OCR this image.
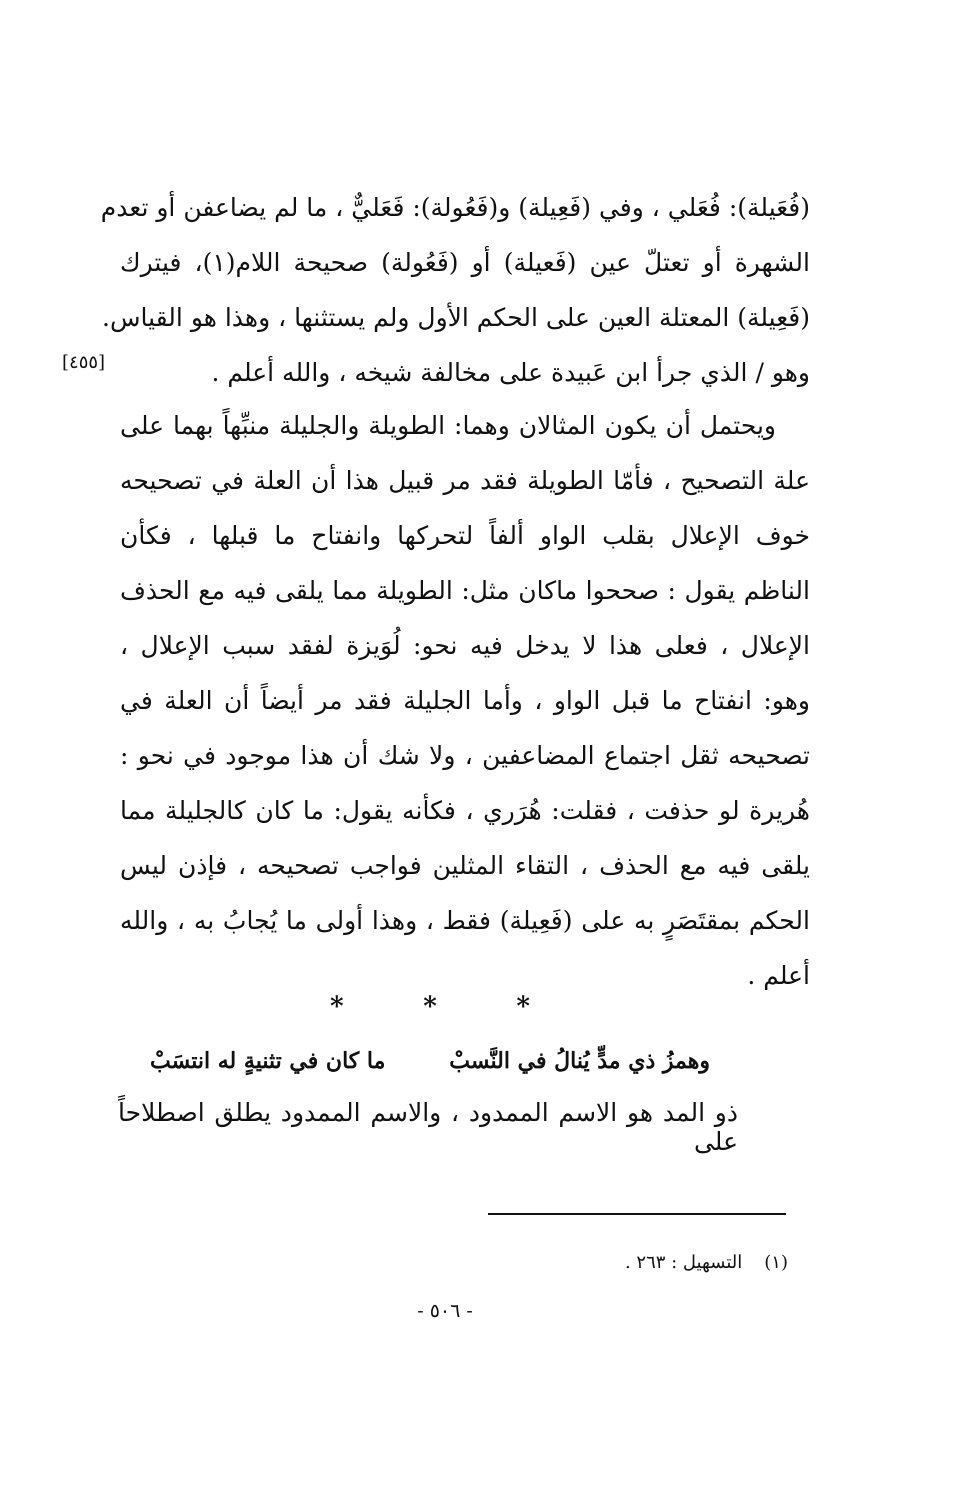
[٤٥٥]
(فُعَيلة): فُعَلي ، وفي (فَعِيلة) و(فَعُولة): فَعَليٌّ ، ما لم يضاعفن أو تعدم
الشهرة أو تعتلّ عين (فَعيلة) أو (فَعُولة) صحيحة اللام(١)، فيترك
(فَعِيلة) المعتلة العين على الحكم الأول ولم يستثنها ، وهذا هو القياس.
وهو / الذي جرأ ابن عَبيدة على مخالفة شيخه ، والله أعلم .
ويحتمل أن يكون المثالان وهما: الطويلة والجليلة منبِّهاً بهما على
علة التصحيح ، فأمّا الطويلة فقد مر قبيل هذا أن العلة في تصحيحه
خوف الإعلال بقلب الواو ألفاً لتحركها وانفتاح ما قبلها ، فكأن
الناظم يقول : صححوا ماكان مثل: الطويلة مما يلقى فيه مع الحذف
الإعلال ، فعلى هذا لا يدخل فيه نحو: لُوَيزة لفقد سبب الإعلال ،
وهو: انفتاح ما قبل الواو ، وأما الجليلة فقد مر أيضاً أن العلة في
تصحيحه ثقل اجتماع المضاعفين ، ولا شك أن هذا موجود في نحو :
هُريرة لو حذفت ، فقلت: هُرَري ، فكأنه يقول: ما كان كالجليلة مما
يلقى فيه مع الحذف ، التقاء المثلين فواجب تصحيحه ، فإذن ليس
الحكم بمقتَصَرٍ به على (فَعِيلة) فقط ، وهذا أولى ما يُجابُ به ، والله
أعلم .
*	*	*
وهمزُ ذي مدٍّ يُنالُ في النَّسبْ
ما كان في تثنيةٍ له انتسَبْ
ذو المد هو الاسم الممدود ، والاسم الممدود يطلق اصطلاحاً على
(١)
التسهيل : ٢٦٣ .
- ٥٠٦ -
